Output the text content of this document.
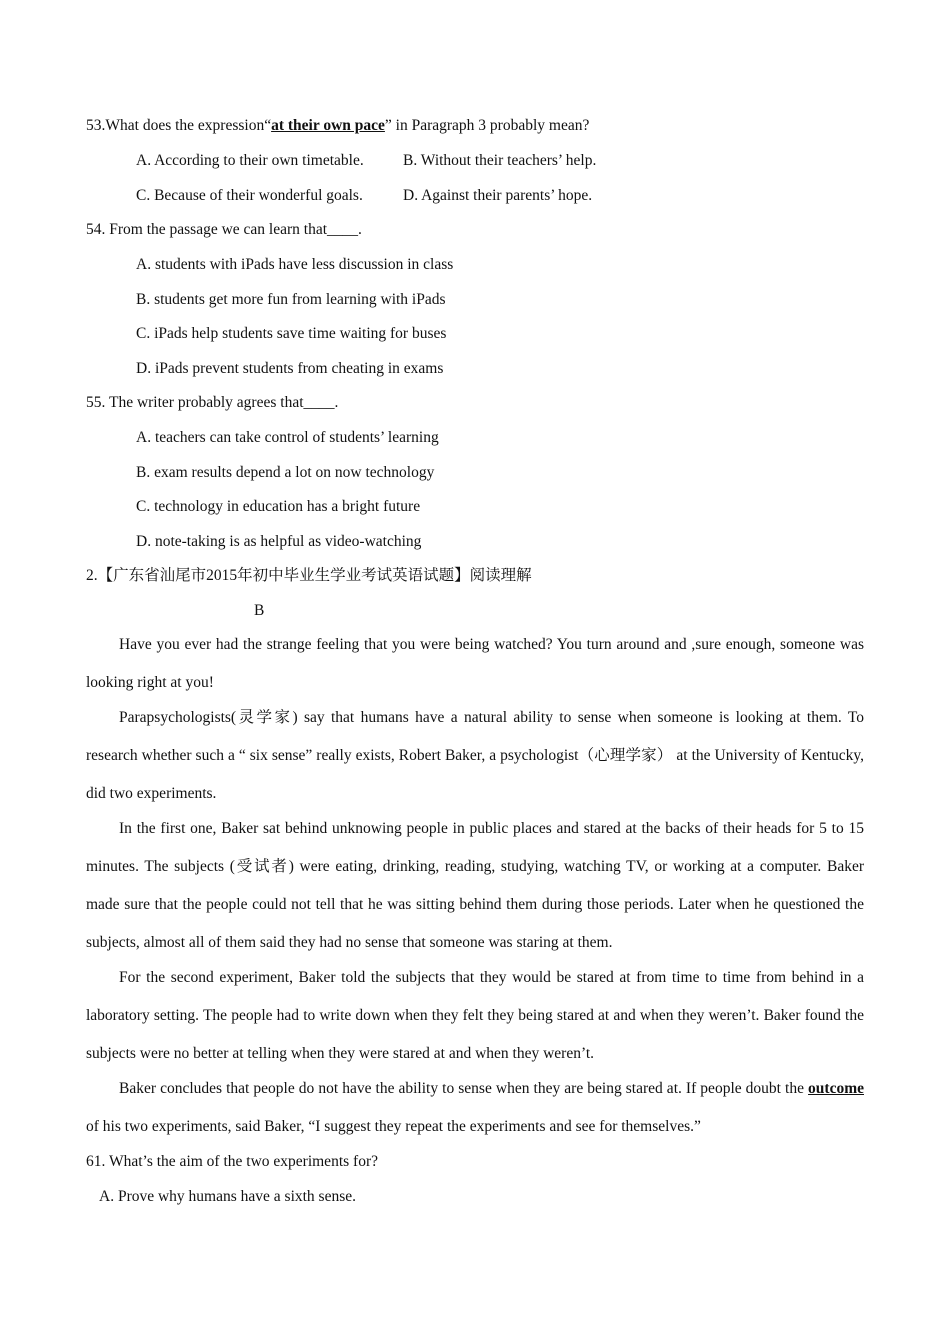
53.What does the expression“at their own pace” in Paragraph 3 probably mean?
A. According to their own timetable.	B. Without their teachers’ help.
C. Because of their wonderful goals.	D. Against their parents’ hope.
54. From the passage we can learn that____.
A. students with iPads have less discussion in class
B. students get more fun from learning with iPads
C. iPads help students save time waiting for buses
D. iPads prevent students from cheating in exams
55. The writer probably agrees that____.
A. teachers can take control of students’ learning
B. exam results depend a lot on now technology
C. technology in education has a bright future
D. note-taking is as helpful as video-watching
2.【广东省汕尾市2015年初中毕业生学业考试英语试题】阅读理解
B
Have you ever had the strange feeling that you were being watched? You turn around and ,sure enough, someone was looking right at you!
Parapsychologists(灵学家) say that humans have a natural ability to sense when someone is looking at them. To research whether such a “ six sense” really exists, Robert Baker, a psychologist（心理学家） at the University of Kentucky, did two experiments.
In the first one, Baker sat behind unknowing people in public places and stared at the backs of their heads for 5 to 15 minutes. The subjects (受试者) were eating, drinking, reading, studying, watching TV, or working at a computer. Baker made sure that the people could not tell that he was sitting behind them during those periods. Later when he questioned the subjects, almost all of them said they had no sense that someone was staring at them.
For the second experiment, Baker told the subjects that they would be stared at from time to time from behind in a laboratory setting. The people had to write down when they felt they being stared at and when they weren’t. Baker found the subjects were no better at telling when they were stared at and when they weren’t.
Baker concludes that people do not have the ability to sense when they are being stared at. If people doubt the outcome of his two experiments, said Baker, “I suggest they repeat the experiments and see for themselves.”
61. What’s the aim of the two experiments for?
A. Prove why humans have a sixth sense.
